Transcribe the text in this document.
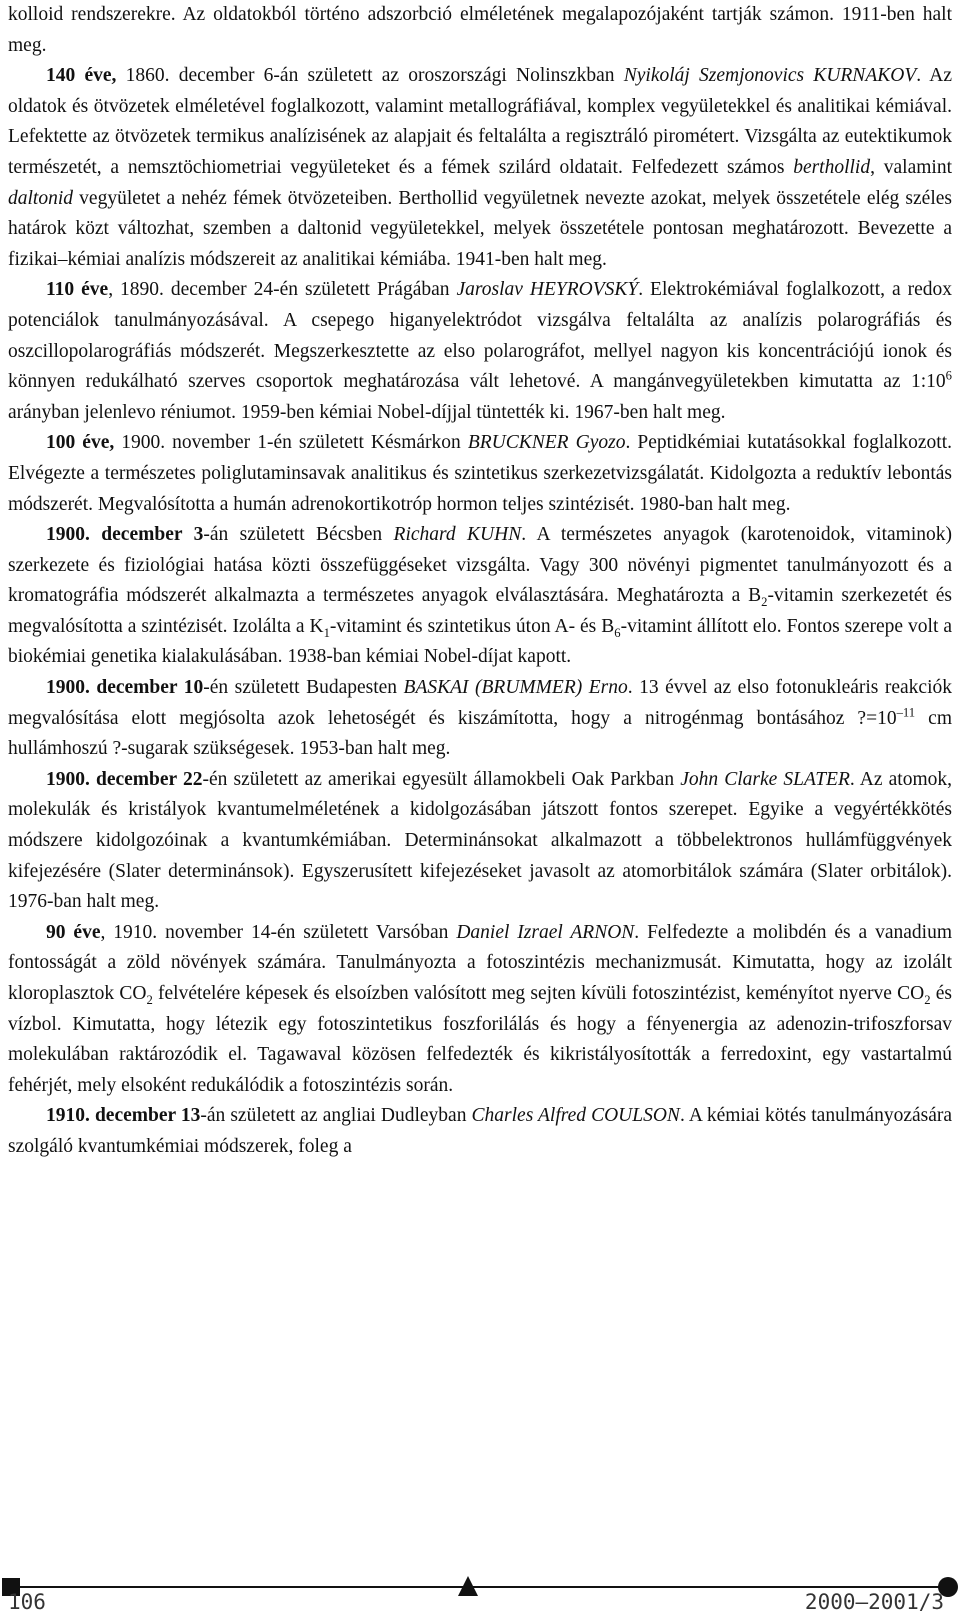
kolloid rendszerekre. Az oldatokból történo adszorbció elméletének megalapozójaként tartják számon. 1911-ben halt meg.

140 éve, 1860. december 6-án született az oroszországi Nolinszkban Nyikoláj Szemjonovics KURNAKOV. Az oldatok és ötvözetek elméletével foglalkozott, valamint metallográfiával, komplex vegyületekkel és analitikai kémiával. Lefektette az ötvözetek termikus analízisének az alapjait és feltalálta a regisztráló pirométert. Vizsgálta az eutektikumok természetét, a nemsztöchiometriai vegyületeket és a fémek szilárd oldatait. Felfedezett számos berthollid, valamint daltonid vegyületet a nehéz fémek ötvözeteiben. Berthollid vegyületnek nevezte azokat, melyek összetétele elég széles határok közt változhat, szemben a daltonid vegyületekkel, melyek összetétele pontosan meghatározott. Bevezette a fizikai–kémiai analízis módszereit az analitikai kémiába. 1941-ben halt meg.

110 éve, 1890. december 24-én született Prágában Jaroslav HEYROVSKÝ. Elektrokémiával foglalkozott, a redox potenciálok tanulmányozásával. A csepego higanyelektródot vizsgálva feltalálta az analízis polarográfiás és oszcillopolarográfiás módszerét. Megszerkesztette az elso polarográfot, mellyel nagyon kis koncentrációjú ionok és könnyen redukálható szerves csoportok meghatározása vált lehetové. A mangánvegyületekben kimutatta az $1:10^6$ arányban jelenlevo réniumot. 1959-ben kémiai Nobel-díjjal tüntették ki. 1967-ben halt meg.

100 éve, 1900. november 1-én született Késmárkon BRUCKNER Gyozo. Peptidkémiai kutatásokkal foglalkozott. Elvégezte a természetes poliglutaminsavak analitikus és szintetikus szerkezetvizsgálatát. Kidolgozta a reduktív lebontás módszerét. Megvalósította a humán adrenokortikotróp hormon teljes szintézisét. 1980-ban halt meg.

1900. december 3-án született Bécsben Richard KUHN. A természetes anyagok (karotenoidok, vitaminok) szerkezete és fiziológiai hatása közti összefüggéseket vizsgálta. Vagy 300 növényi pigmentet tanulmányozott és a kromatográfia módszerét alkalmazta a természetes anyagok elválasztására. Meghatározta a $B_2$-vitamin szerkezetét és megvalósította a szintézisét. Izolálta a $K_1$-vitamint és szintetikus úton A- és $B_6$-vitamint állított elo. Fontos szerepe volt a biokémiai genetika kialakulásában. 1938-ban kémiai Nobel-díjat kapott.

1900. december 10-én született Budapesten BASKAI (BRUMMER) Erno. 13 évvel az elso fotonukleáris reakciók megvalósítása elott megjósolta azok lehetoségét és kiszámította, hogy a nitrogénmag bontásához $?=10^{-11}$ cm hullámhoszú ?-sugarak szükségesek. 1953-ban halt meg.

1900. december 22-én született az amerikai egyesült államokbeli Oak Parkban John Clarke SLATER. Az atomok, molekulák és kristályok kvantumelméletének a kidolgozásában játszott fontos szerepet. Egyike a vegyértékkötés módszere kidolgozóinak a kvantumkémiában. Determinánsokat alkalmazott a többelektronos hullámfüggvények kifejezésére (Slater determinánsok). Egyszerusített kifejezéseket javasolt az atomorbitálok számára (Slater orbitálok). 1976-ban halt meg.

90 éve, 1910. november 14-én született Varsóban Daniel Izrael ARNON. Felfedezte a molibdén és a vanadium fontosságát a zöld növények számára. Tanulmányozta a fotoszintézis mechanizmusát. Kimutatta, hogy az izolált kloroplasztok $CO_2$ felvételére képesek és elsoízben valósított meg sejten kívüli fotoszintézist, keményítot nyerve $CO_2$ és vízbol. Kimutatta, hogy létezik egy fotoszintetikus foszforilálás és hogy a fényenergia az adenozin-trifoszforsav molekulában raktározódik el. Tagawaval közösen felfedezték és kikristályosították a ferredoxint, egy vastartalmú fehérjét, mely elsoként redukálódik a fotoszintézis során.

1910. december 13-án született az angliai Dudleyban Charles Alfred COULSON. A kémiai kötés tanulmányozására szolgáló kvantumkémiai módszerek, foleg a

106	2000–2001/3
